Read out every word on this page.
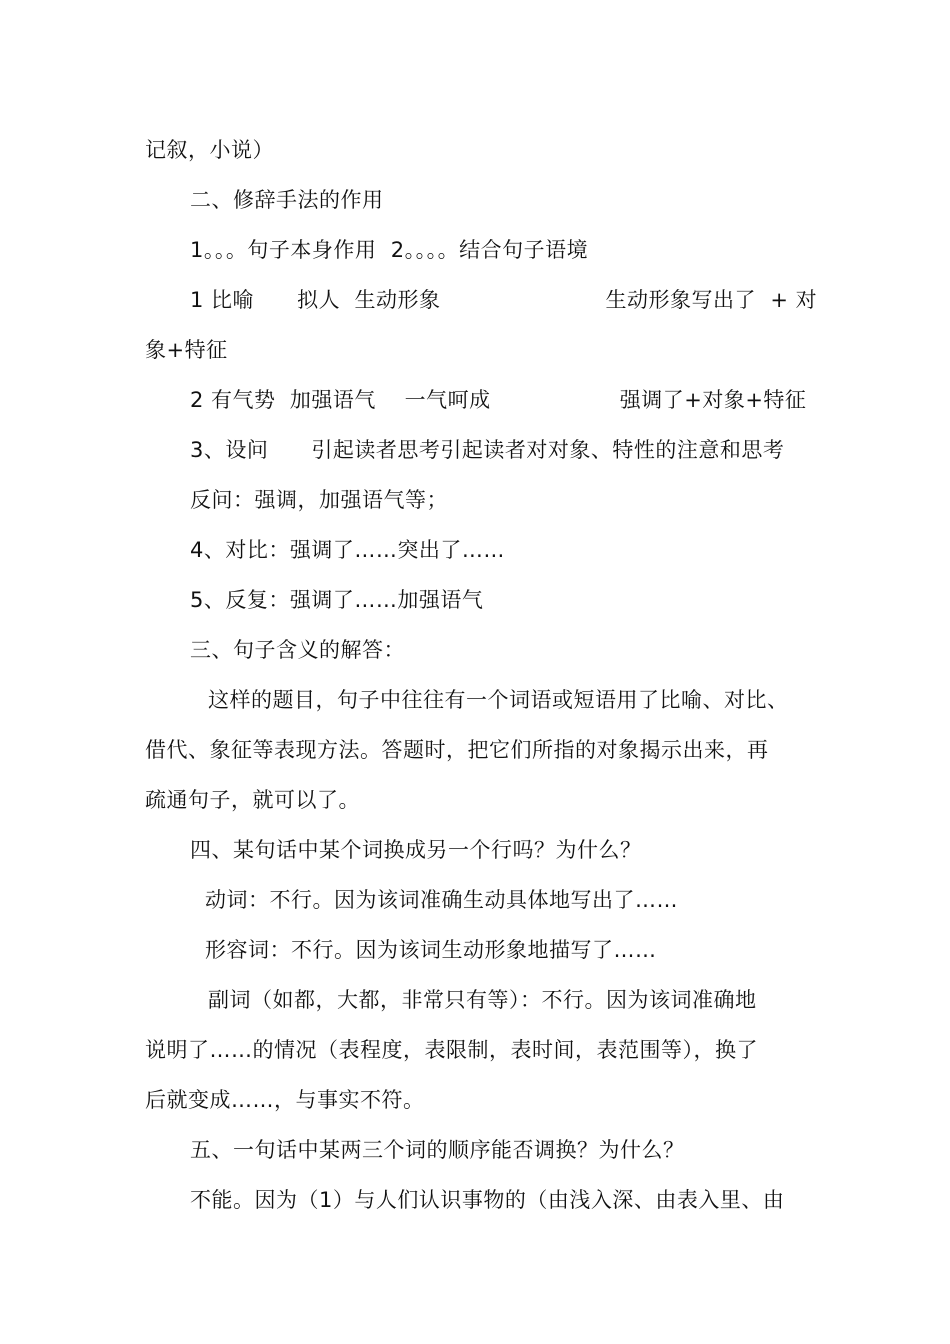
记叙，小说）
二、修辞手法的作用
1。。。句子本身作用  2。。。。结合句子语境
1 比喻      拟人  生动形象                       生动形象写出了  + 对
象+特征
2 有气势  加强语气    一气呵成                  强调了+对象+特征
3、设问      引起读者思考引起读者对对象、特性的注意和思考
反问：强调，加强语气等；
4、对比：强调了……突出了……
5、反复：强调了……加强语气
三、句子含义的解答：
这样的题目，句子中往往有一个词语或短语用了比喻、对比、
借代、象征等表现方法。答题时，把它们所指的对象揭示出来，再
疏通句子，就可以了。
四、某句话中某个词换成另一个行吗？为什么？
动词：不行。因为该词准确生动具体地写出了……
形容词：不行。因为该词生动形象地描写了……
副词（如都，大都，非常只有等）：不行。因为该词准确地
说明了……的情况（表程度，表限制，表时间，表范围等），换了
后就变成……，与事实不符。
五、一句话中某两三个词的顺序能否调换？为什么？
不能。因为（1）与人们认识事物的（由浅入深、由表入里、由
